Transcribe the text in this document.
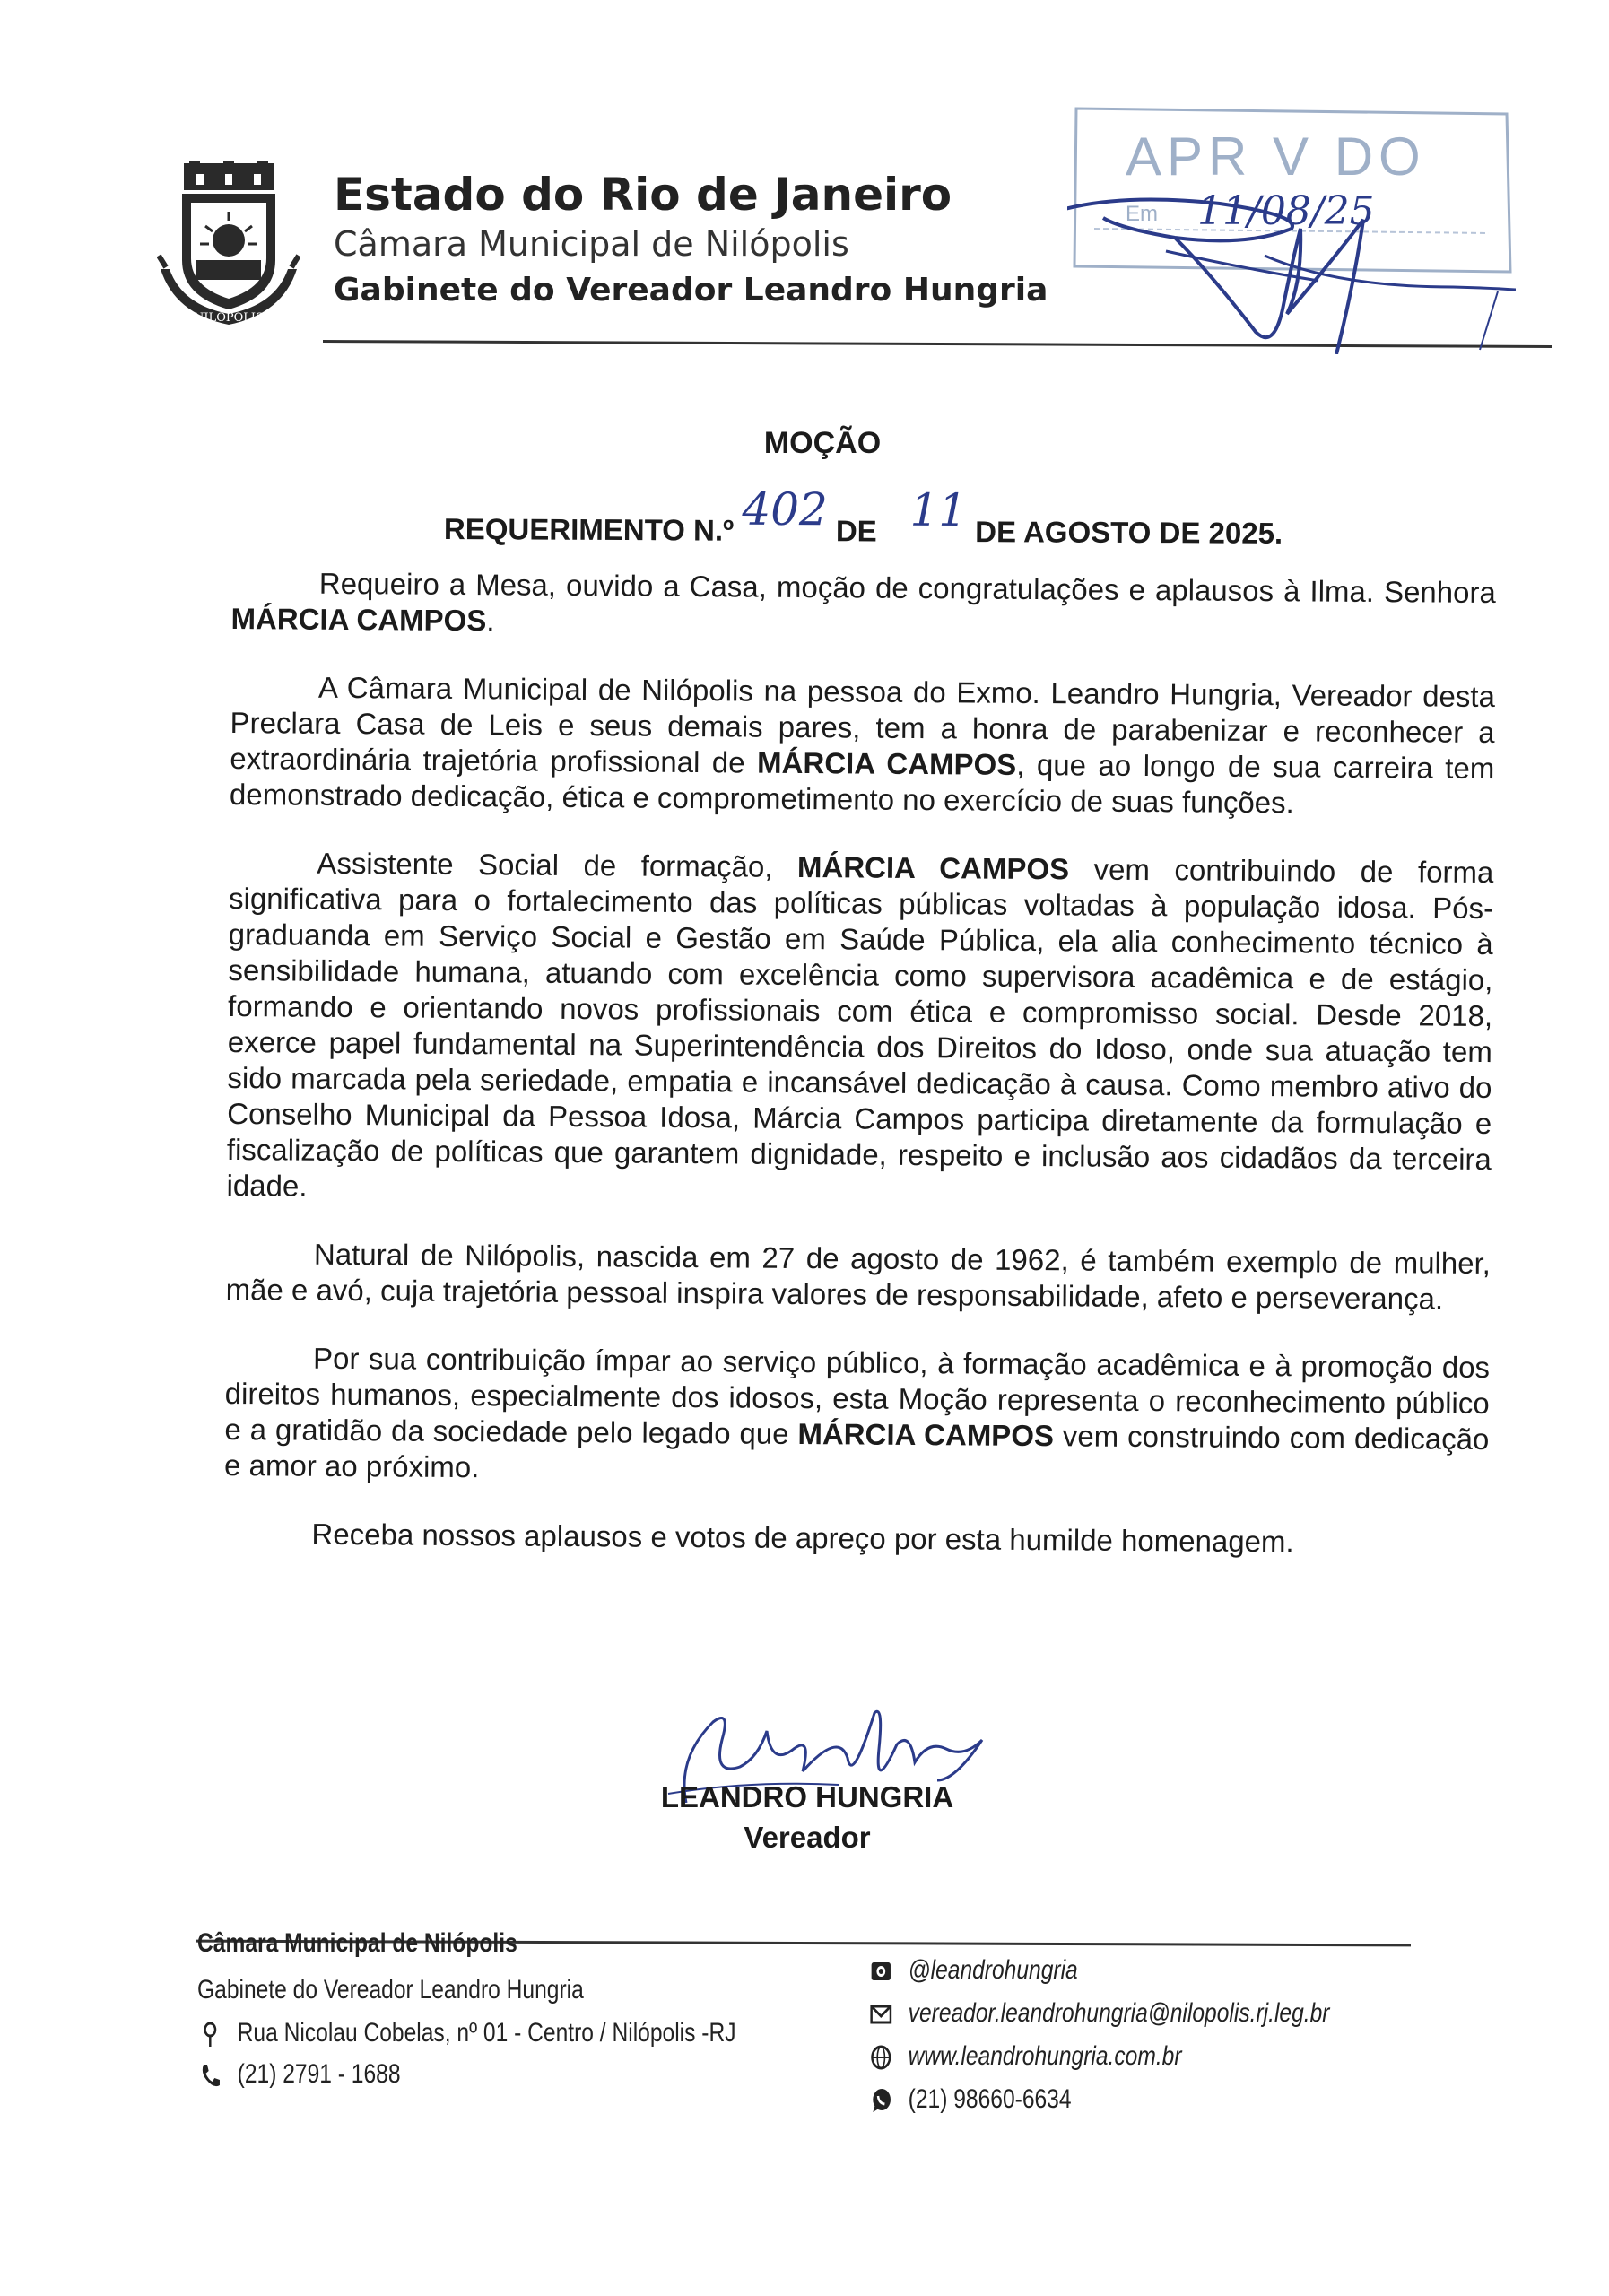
NILÓPOLIS
Estado do Rio de Janeiro
Câmara Municipal de Nilópolis
Gabinete do Vereador Leandro Hungria
APR V DO
Em 11/08/25
MOÇÃO
REQUERIMENTO N.º 402 DE 11 DE AGOSTO DE 2025.

Requeiro a Mesa, ouvido a Casa, moção de congratulações e aplausos à Ilma. Senhora MÁRCIA CAMPOS.

A Câmara Municipal de Nilópolis na pessoa do Exmo. Leandro Hungria, Vereador desta Preclara Casa de Leis e seus demais pares, tem a honra de parabenizar e reconhecer a extraordinária trajetória profissional de MÁRCIA CAMPOS, que ao longo de sua carreira tem demonstrado dedicação, ética e comprometimento no exercício de suas funções.

Assistente Social de formação, MÁRCIA CAMPOS vem contribuindo de forma significativa para o fortalecimento das políticas públicas voltadas à população idosa. Pós-graduanda em Serviço Social e Gestão em Saúde Pública, ela alia conhecimento técnico à sensibilidade humana, atuando com excelência como supervisora acadêmica e de estágio, formando e orientando novos profissionais com ética e compromisso social. Desde 2018, exerce papel fundamental na Superintendência dos Direitos do Idoso, onde sua atuação tem sido marcada pela seriedade, empatia e incansável dedicação à causa. Como membro ativo do Conselho Municipal da Pessoa Idosa, Márcia Campos participa diretamente da formulação e fiscalização de políticas que garantem dignidade, respeito e inclusão aos cidadãos da terceira idade.

Natural de Nilópolis, nascida em 27 de agosto de 1962, é também exemplo de mulher, mãe e avó, cuja trajetória pessoal inspira valores de responsabilidade, afeto e perseverança.

Por sua contribuição ímpar ao serviço público, à formação acadêmica e à promoção dos direitos humanos, especialmente dos idosos, esta Moção representa o reconhecimento público e a gratidão da sociedade pelo legado que MÁRCIA CAMPOS vem construindo com dedicação e amor ao próximo.

Receba nossos aplausos e votos de apreço por esta humilde homenagem.

LEANDRO HUNGRIA
Vereador
Câmara Municipal de Nilópolis
Gabinete do Vereador Leandro Hungria
Rua Nicolau Cobelas, nº 01 - Centro / Nilópolis -RJ
(21) 2791 - 1688
@leandrohungria
vereador.leandrohungria@nilopolis.rj.leg.br
www.leandrohungria.com.br
(21) 98660-6634
